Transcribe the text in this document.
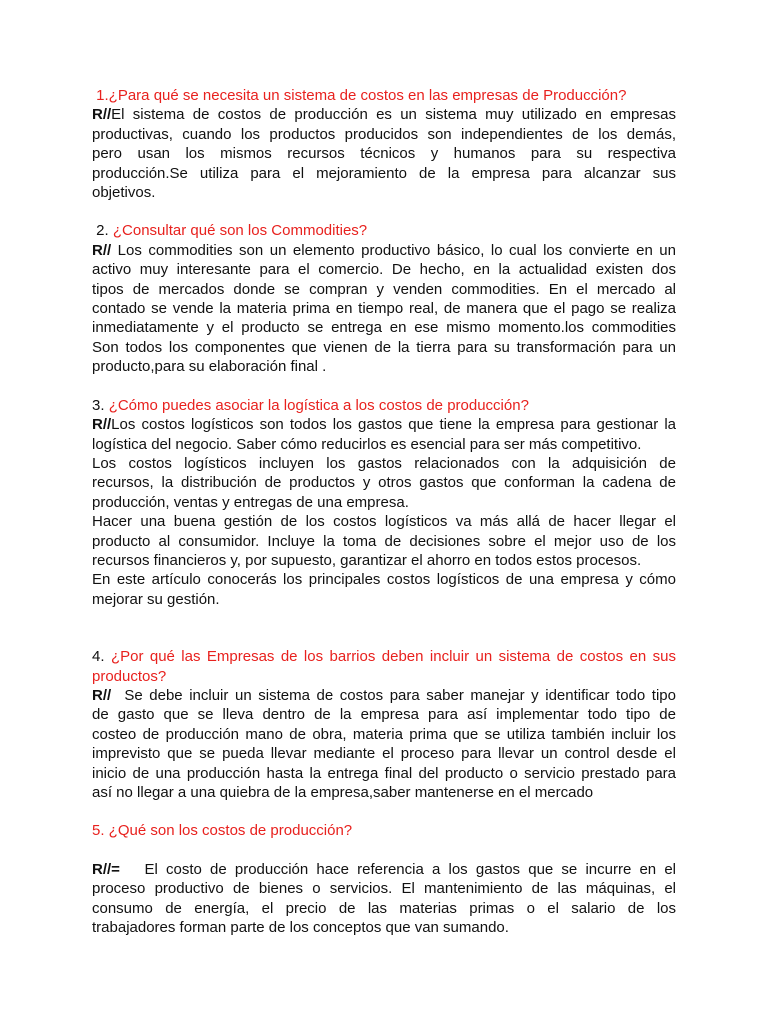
1.¿Para qué se necesita un sistema de costos en las empresas de Producción?

R//El sistema de costos de producción es un sistema muy utilizado en empresas
productivas, cuando los productos producidos son independientes de los demás,
pero usan los mismos recursos técnicos y humanos para su respectiva
producción.Se utiliza para el mejoramiento de la empresa para alcanzar sus
objetivos.

2. ¿Consultar qué son los Commodities?

R// Los commodities son un elemento productivo básico, lo cual los convierte en un
activo muy interesante para el comercio. De hecho, en la actualidad existen dos
tipos de mercados donde se compran y venden commodities. En el mercado al
contado se vende la materia prima en tiempo real, de manera que el pago se realiza
inmediatamente y el producto se entrega en ese mismo momento.los commodities
Son todos los componentes que vienen de la tierra para su transformación para un
producto,para su elaboración final .

3. ¿Cómo puedes asociar la logística a los costos de producción?

R//Los costos logísticos son todos los gastos que tiene la empresa para gestionar la
logística del negocio. Saber cómo reducirlos es esencial para ser más competitivo.
Los costos logísticos incluyen los gastos relacionados con la adquisición de
recursos, la distribución de productos y otros gastos que conforman la cadena de
producción, ventas y entregas de una empresa.
Hacer una buena gestión de los costos logísticos va más allá de hacer llegar el
producto al consumidor. Incluye la toma de decisiones sobre el mejor uso de los
recursos financieros y, por supuesto, garantizar el ahorro en todos estos procesos.
En este artículo conocerás los principales costos logísticos de una empresa y cómo
mejorar su gestión.

4. ¿Por qué las Empresas de los barrios deben incluir un sistema de costos en sus
productos?

R//  Se debe incluir un sistema de costos para saber manejar y identificar todo tipo
de gasto que se lleva dentro de la empresa para así implementar todo tipo de
costeo de producción mano de obra, materia prima que se utiliza también incluir los
imprevisto que se pueda llevar mediante el proceso para llevar un control desde el
inicio de una producción hasta la entrega final del producto o servicio prestado para
así no llegar a una quiebra de la empresa,saber mantenerse en el mercado

5. ¿Qué son los costos de producción?

R//=   El costo de producción hace referencia a los gastos que se incurre en el
proceso productivo de bienes o servicios. El mantenimiento de las máquinas, el
consumo de energía, el precio de las materias primas o el salario de los
trabajadores forman parte de los conceptos que van sumando.
